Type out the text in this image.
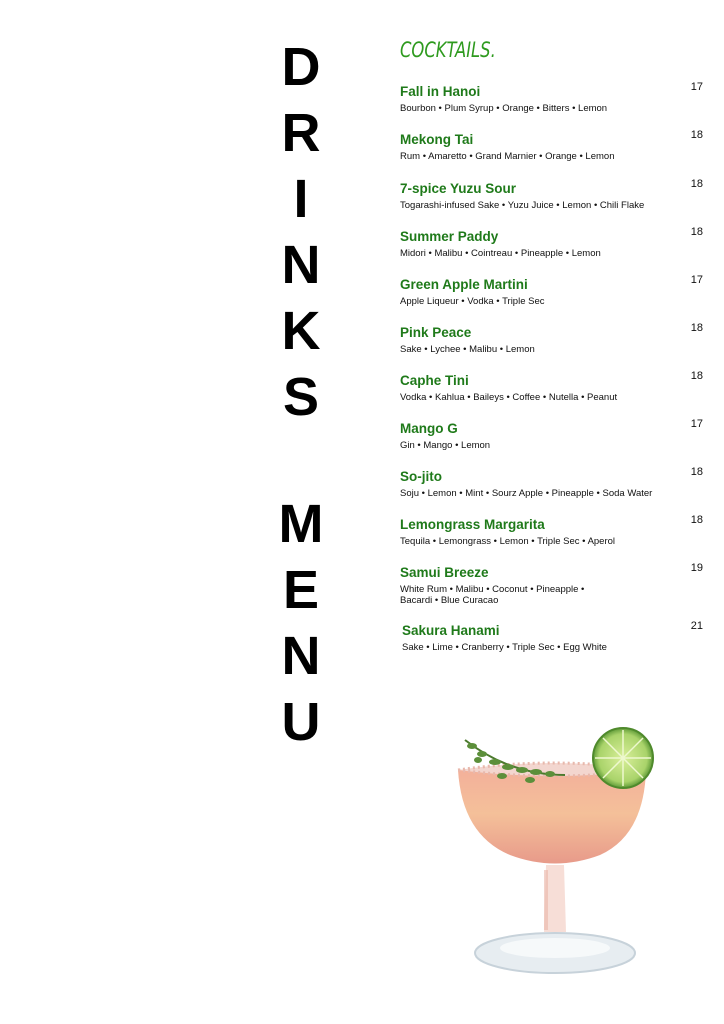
D
R
I
N
K
S
M
E
N
U
COCKTAILS.
Fall in Hanoi
Bourbon • Plum Syrup • Orange • Bitters • Lemon
17
Mekong Tai
Rum • Amaretto • Grand Marnier • Orange • Lemon
18
7-spice Yuzu Sour
Togarashi-infused Sake • Yuzu Juice • Lemon • Chili Flake
18
Summer Paddy
Midori • Malibu • Cointreau • Pineapple • Lemon
18
Green Apple Martini
Apple Liqueur • Vodka • Triple Sec
17
Pink Peace
Sake • Lychee • Malibu • Lemon
18
Caphe Tini
Vodka • Kahlua • Baileys • Coffee • Nutella • Peanut
18
Mango G
Gin • Mango • Lemon
17
So-jito
Soju • Lemon • Mint • Sourz Apple • Pineapple • Soda Water
18
Lemongrass Margarita
Tequila • Lemongrass • Lemon • Triple Sec • Aperol
18
Samui Breeze
White Rum • Malibu • Coconut • Pineapple • Bacardi • Blue Curacao
19
Sakura Hanami
Sake • Lime • Cranberry • Triple Sec • Egg White
21
